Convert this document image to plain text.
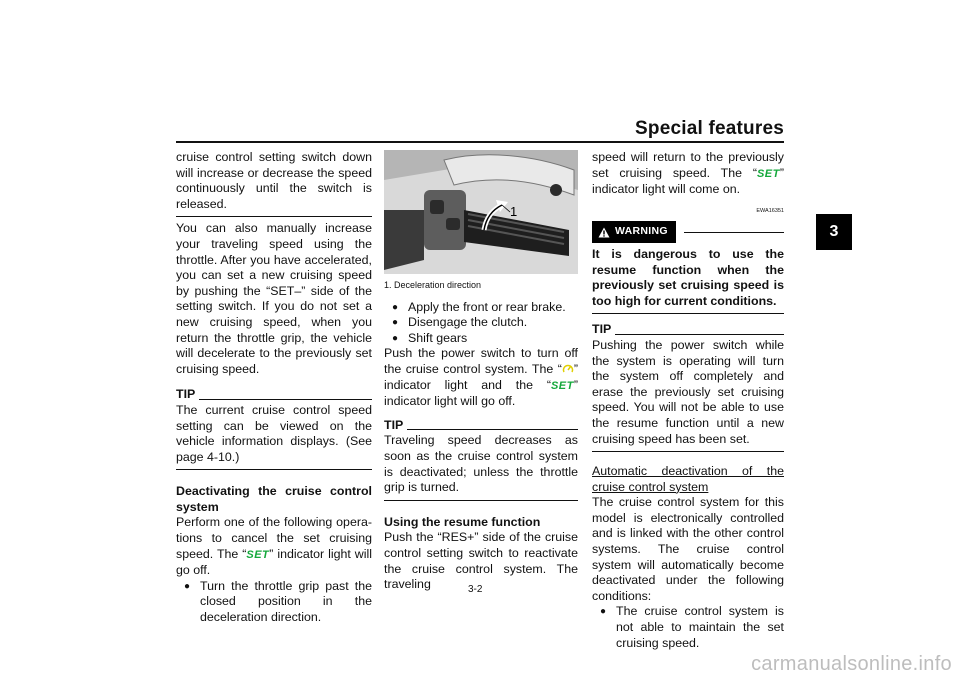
Special features
3

cruise control setting switch down will increase or decrease the speed continuously until the switch is released.

You can also manually increase your traveling speed using the throttle. After you have accelerated, you can set a new cruising speed by pushing the “SET–” side of the setting switch. If you do not set a new cruising speed, when you return the throttle grip, the vehicle will decelerate to the previously set cruising speed.

TIP

The current cruise control speed setting can be viewed on the vehicle information displays. (See page 4-10.)

Deactivating the cruise control system

Perform one of the following operations to cancel the set cruising speed. The “SET” indicator light will go off.

● Turn the throttle grip past the closed position in the deceleration direction.
1
1. Deceleration direction
● Apply the front or rear brake.
● Disengage the clutch.
● Shift gears

Push the power switch to turn off the cruise control system. The “ ” indicator light and the “SET” indicator light will go off.

TIP

Traveling speed decreases as soon as the cruise control system is deactivated; unless the throttle grip is turned.

Using the resume function

Push the “RES+” side of the cruise control setting switch to reactivate the cruise control system. The traveling

speed will return to the previously set cruising speed. The “SET” indicator light will come on.

EWA16351
WARNING

It is dangerous to use the resume function when the previously set cruising speed is too high for current conditions.

TIP

Pushing the power switch while the system is operating will turn the system off completely and erase the previously set cruising speed. You will not be able to use the resume function until a new cruising speed has been set.

Automatic deactivation of the cruise control system

The cruise control system for this model is electronically controlled and is linked with the other control systems. The cruise control system will automatically become deactivated under the following conditions:

● The cruise control system is not able to maintain the set cruising speed.
3-2
carmanualsonline.info
